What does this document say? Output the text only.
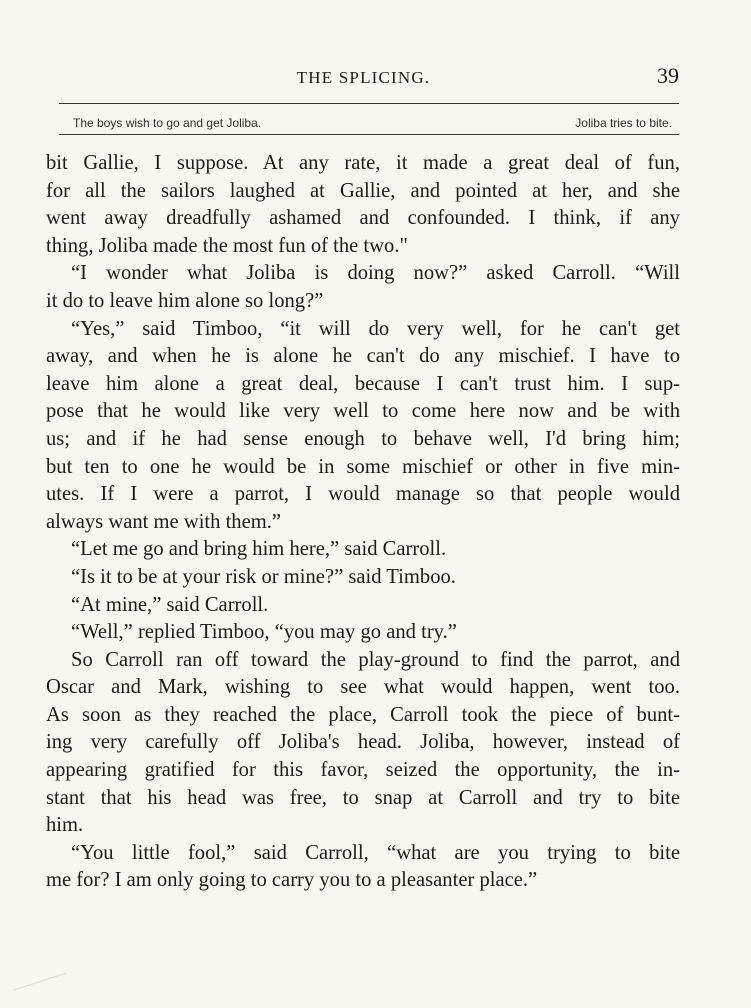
THE SPLICING.	39
The boys wish to go and get Joliba.	Joliba tries to bite.
bit Gallie, I suppose. At any rate, it made a great deal of fun,
for all the sailors laughed at Gallie, and pointed at her, and she
went away dreadfully ashamed and confounded. I think, if any
thing, Joliba made the most fun of the two."
“I wonder what Joliba is doing now?” asked Carroll. “Will
it do to leave him alone so long?”
“Yes,” said Timboo, “it will do very well, for he can't get
away, and when he is alone he can't do any mischief. I have to
leave him alone a great deal, because I can't trust him. I sup-
pose that he would like very well to come here now and be with
us; and if he had sense enough to behave well, I'd bring him;
but ten to one he would be in some mischief or other in five min-
utes. If I were a parrot, I would manage so that people would
always want me with them.”
“Let me go and bring him here,” said Carroll.
“Is it to be at your risk or mine?” said Timboo.
“At mine,” said Carroll.
“Well,” replied Timboo, “you may go and try.”
So Carroll ran off toward the play-ground to find the parrot, and
Oscar and Mark, wishing to see what would happen, went too.
As soon as they reached the place, Carroll took the piece of bunt-
ing very carefully off Joliba's head. Joliba, however, instead of
appearing gratified for this favor, seized the opportunity, the in-
stant that his head was free, to snap at Carroll and try to bite
him.
“You little fool,” said Carroll, “what are you trying to bite
me for? I am only going to carry you to a pleasanter place.”
